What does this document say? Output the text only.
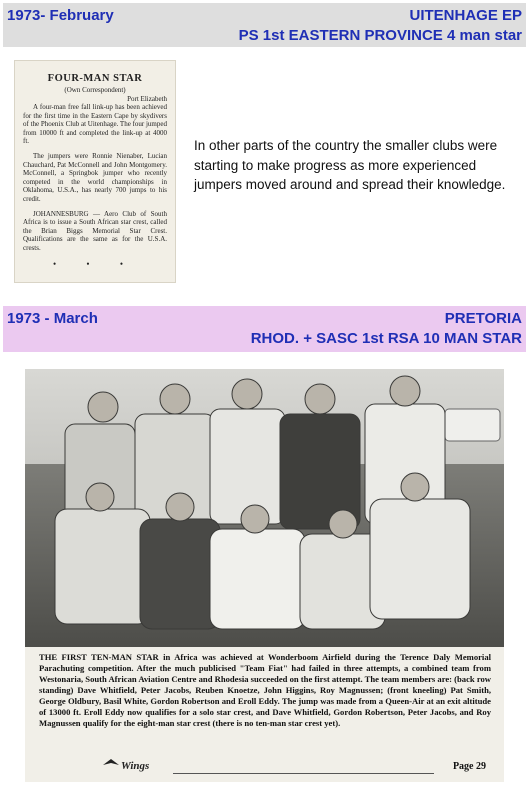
1973- February	UITENHAGE EP
PS 1st EASTERN PROVINCE 4 man star
FOUR-MAN STAR
(Own Correspondent)
Port Elizabeth

A four-man free fall link-up has been achieved for the first time in the Eastern Cape by skydivers of the Phoenix Club at Uitenhage. The four jumped from 10000 ft and completed the link-up at 4000 ft.

The jumpers were Ronnie Nienaber, Lucian Chauchard, Pat McConnell and John Montgomery. McConnell, a Springbok jumper who recently competed in the world championships in Oklahoma, U.S.A., has nearly 700 jumps to his credit.

JOHANNESBURG — Aero Club of South Africa is to issue a South African star crest, called the Brian Biggs Memorial Star Crest. Qualifications are the same as for the U.S.A. crests.

• • •
In other parts of the country the smaller clubs were starting to make progress as more experienced jumpers moved around and spread their knowledge.
1973 - March	PRETORIA
RHOD. + SASC 1st RSA 10 MAN STAR
THE FIRST TEN-MAN STAR in Africa was achieved at Wonderboom Airfield during the Terence Daly Memorial Parachuting competition. After the much publicised "Team Fiat" had failed in three attempts, a combined team from Westonaria, South African Aviation Centre and Rhodesia succeeded on the first attempt. The team members are: (back row standing) Dave Whitfield, Peter Jacobs, Reuben Knoetze, John Higgins, Roy Magnussen; (front kneeling) Pat Smith, George Oldbury, Basil White, Gordon Robertson and Eroll Eddy. The jump was made from a Queen-Air at an exit altitude of 13000 ft. Eroll Eddy now qualifies for a solo star crest, and Dave Whitfield, Gordon Robertson, Peter Jacobs, and Roy Magnussen qualify for the eight-man star crest (there is no ten-man star crest yet).
Wings	Page 29
